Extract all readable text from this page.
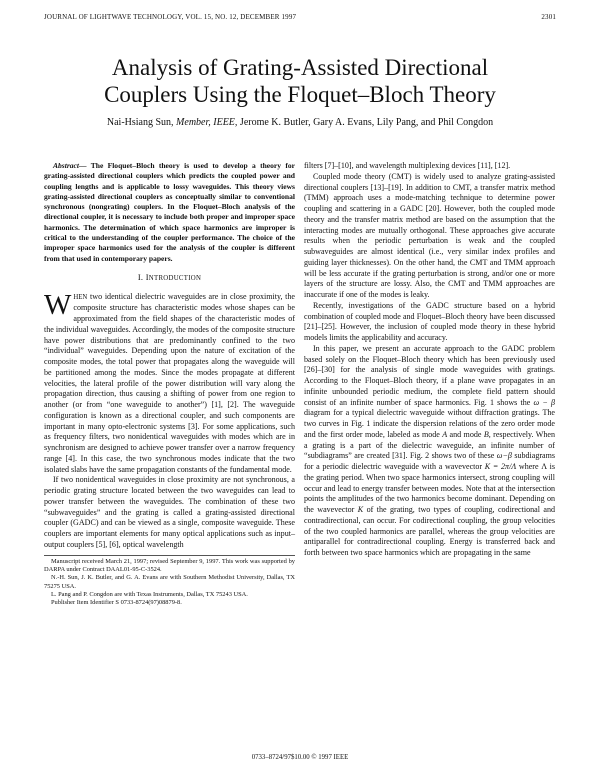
JOURNAL OF LIGHTWAVE TECHNOLOGY, VOL. 15, NO. 12, DECEMBER 1997	2301
Analysis of Grating-Assisted Directional
Couplers Using the Floquet–Bloch Theory
Nai-Hsiang Sun, Member, IEEE, Jerome K. Butler, Gary A. Evans, Lily Pang, and Phil Congdon

Abstract— The Floquet–Bloch theory is used to develop a theory for grating-assisted directional couplers which predicts the coupled power and coupling lengths and is applicable to lossy waveguides. This theory views grating-assisted directional couplers as conceptually similar to conventional synchronous (nongrating) couplers. In the Floquet–Bloch analysis of the directional coupler, it is necessary to include both proper and improper space harmonics. The determination of which space harmonics are improper is critical to the understanding of the coupler performance. The choice of the improper space harmonics used for the analysis of the coupler is different from that used in contemporary papers.

I. INTRODUCTION

WHEN two identical dielectric waveguides are in close proximity, the composite structure has characteristic modes whose shapes can be approximated from the field shapes of the characteristic modes of the individual waveguides. Accordingly, the modes of the composite structure have power distributions that are predominantly confined to the two “individual” waveguides. Depending upon the nature of excitation of the composite modes, the total power that propagates along the waveguide will be partitioned among the modes. Since the modes propagate at different velocities, the lateral profile of the power distribution will vary along the propagation direction, thus causing a shifting of power from one region to another (or from “one waveguide to another”) [1], [2]. The waveguide configuration is known as a directional coupler, and such components are important in many opto-electronic systems [3]. For some applications, such as frequency filters, two nonidentical waveguides with modes which are in synchronism are designed to achieve power transfer over a narrow frequency range [4]. In this case, the two synchronous modes indicate that the two isolated slabs have the same propagation constants of the fundamental mode.

If two nonidentical waveguides in close proximity are not synchronous, a periodic grating structure located between the two waveguides can lead to power transfer between the waveguides. The combination of these two “subwaveguides” and the grating is called a grating-assisted directional coupler (GADC) and can be viewed as a single, composite waveguide. These couplers are important elements for many optical applications such as input–output couplers [5], [6], optical wavelength

Manuscript received March 21, 1997; revised September 9, 1997. This work was supported by DARPA under Contract DAAL01-95-C-3524.

N.-H. Sun, J. K. Butler, and G. A. Evans are with Southern Methodist University, Dallas, TX 75275 USA.

L. Pang and P. Congdon are with Texas Instruments, Dallas, TX 75243 USA.

Publisher Item Identifier S 0733-8724(97)08879-8.

filters [7]–[10], and wavelength multiplexing devices [11], [12].

Coupled mode theory (CMT) is widely used to analyze grating-assisted directional couplers [13]–[19]. In addition to CMT, a transfer matrix method (TMM) approach uses a mode-matching technique to determine power coupling and scattering in a GADC [20]. However, both the coupled mode theory and the transfer matrix method are based on the assumption that the interacting modes are mutually orthogonal. These approaches give accurate results when the periodic perturbation is weak and the coupled subwaveguides are almost identical (i.e., very similar index profiles and guiding layer thicknesses). On the other hand, the CMT and TMM approach will be less accurate if the grating perturbation is strong, and/or one or more layers of the structure are lossy. Also, the CMT and TMM approaches are inaccurate if one of the modes is leaky.

Recently, investigations of the GADC structure based on a hybrid combination of coupled mode and Floquet–Bloch theory have been discussed [21]–[25]. However, the inclusion of coupled mode theory in these hybrid models limits the applicability and accuracy.

In this paper, we present an accurate approach to the GADC problem based solely on the Floquet–Bloch theory which has been previously used [26]–[30] for the analysis of single mode waveguides with gratings. According to the Floquet–Bloch theory, if a plane wave propagates in an infinite unbounded periodic medium, the complete field pattern should consist of an infinite number of space harmonics. Fig. 1 shows the ω − β diagram for a typical dielectric waveguide without diffraction gratings. The two curves in Fig. 1 indicate the dispersion relations of the zero order mode and the first order mode, labeled as mode A and mode B, respectively. When a grating is a part of the dielectric waveguide, an infinite number of “subdiagrams” are created [31]. Fig. 2 shows two of these ω−β subdiagrams for a periodic dielectric waveguide with a wavevector K = 2π/Λ where Λ is the grating period. When two space harmonics intersect, strong coupling will occur and lead to energy transfer between modes. Note that at the intersection points the amplitudes of the two harmonics become dominant. Depending on the wavevector K of the grating, two types of coupling, codirectional and contradirectional, can occur. For codirectional coupling, the group velocities of the two coupled harmonics are parallel, whereas the group velocities are antiparallel for contradirectional coupling. Energy is transferred back and forth between two space harmonics which are propagating in the same

0733–8724/97$10.00 © 1997 IEEE
